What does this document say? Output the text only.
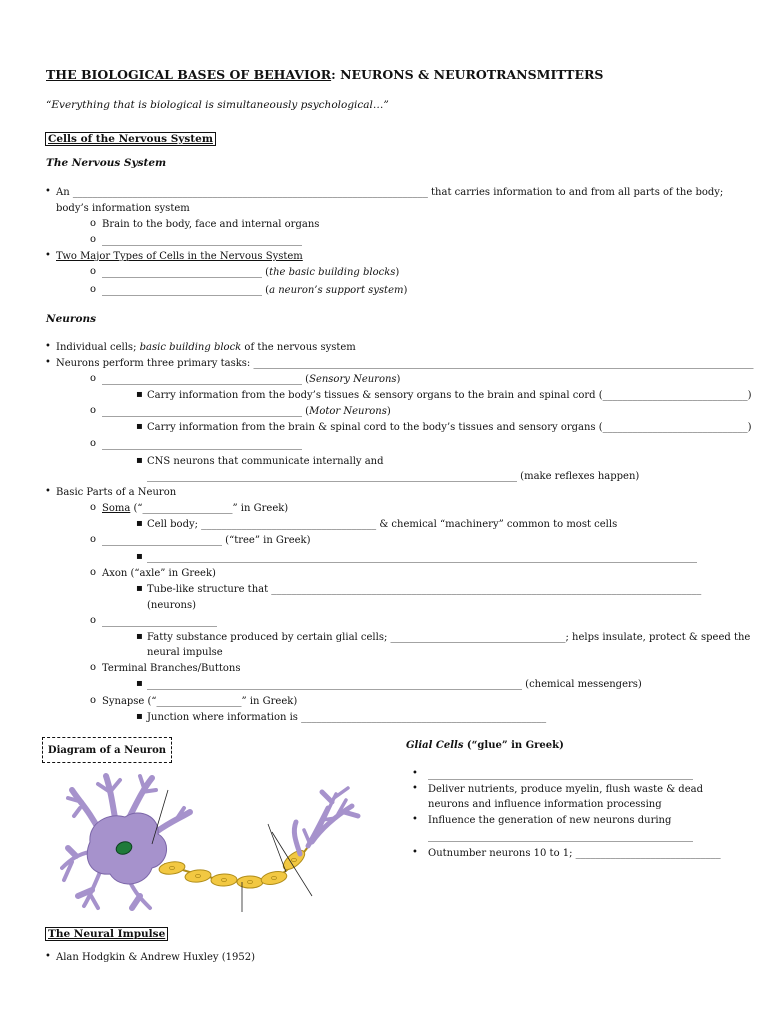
THE BIOLOGICAL BASES OF BEHAVIOR: NEURONS & NEUROTRANSMITTERS
“Everything that is biological is simultaneously psychological…”
Cells of the Nervous System
The Nervous System
• An _______________________________________________________________________ that carries information to and from all parts of the body;
body’s information system
o Brain to the body, face and internal organs
o ________________________________________
• Two Major Types of Cells in the Nervous System
o ________________________________ (the basic building blocks)
o ________________________________ (a neuron’s support system)
Neurons
• Individual cells; basic building block of the nervous system
• Neurons perform three primary tasks: ____________________________________________________________________________________________________
o ________________________________________ (Sensory Neurons)
▪ Carry information from the body’s tissues & sensory organs to the brain and spinal cord (_____________________________)
o ________________________________________ (Motor Neurons)
▪ Carry information from the brain & spinal cord to the body’s tissues and sensory organs (_____________________________)
o ________________________________________
▪ CNS neurons that communicate internally and
__________________________________________________________________________ (make reflexes happen)
• Basic Parts of a Neuron
o Soma (“__________________” in Greek)
▪ Cell body; ___________________________________ & chemical “machinery” common to most cells
o ________________________ (“tree” in Greek)
▪ ______________________________________________________________________________________________________________
o Axon (“axle” in Greek)
▪ Tube-like structure that ______________________________________________________________________________________
(neurons)
o _______________________
▪ Fatty substance produced by certain glial cells; ___________________________________; helps insulate, protect & speed the
neural impulse
o Terminal Branches/Buttons
▪ ___________________________________________________________________________ (chemical messengers)
o Synapse (“_________________” in Greek)
▪ Junction where information is _________________________________________________
Diagram of a Neuron	Glial Cells (“glue” in Greek)
• _____________________________________________________
• Deliver nutrients, produce myelin, flush waste & dead
neurons and influence information processing
• Influence the generation of new neurons during
_____________________________________________________
• Outnumber neurons 10 to 1; _____________________________
The Neural Impulse
• Alan Hodgkin & Andrew Huxley (1952)
